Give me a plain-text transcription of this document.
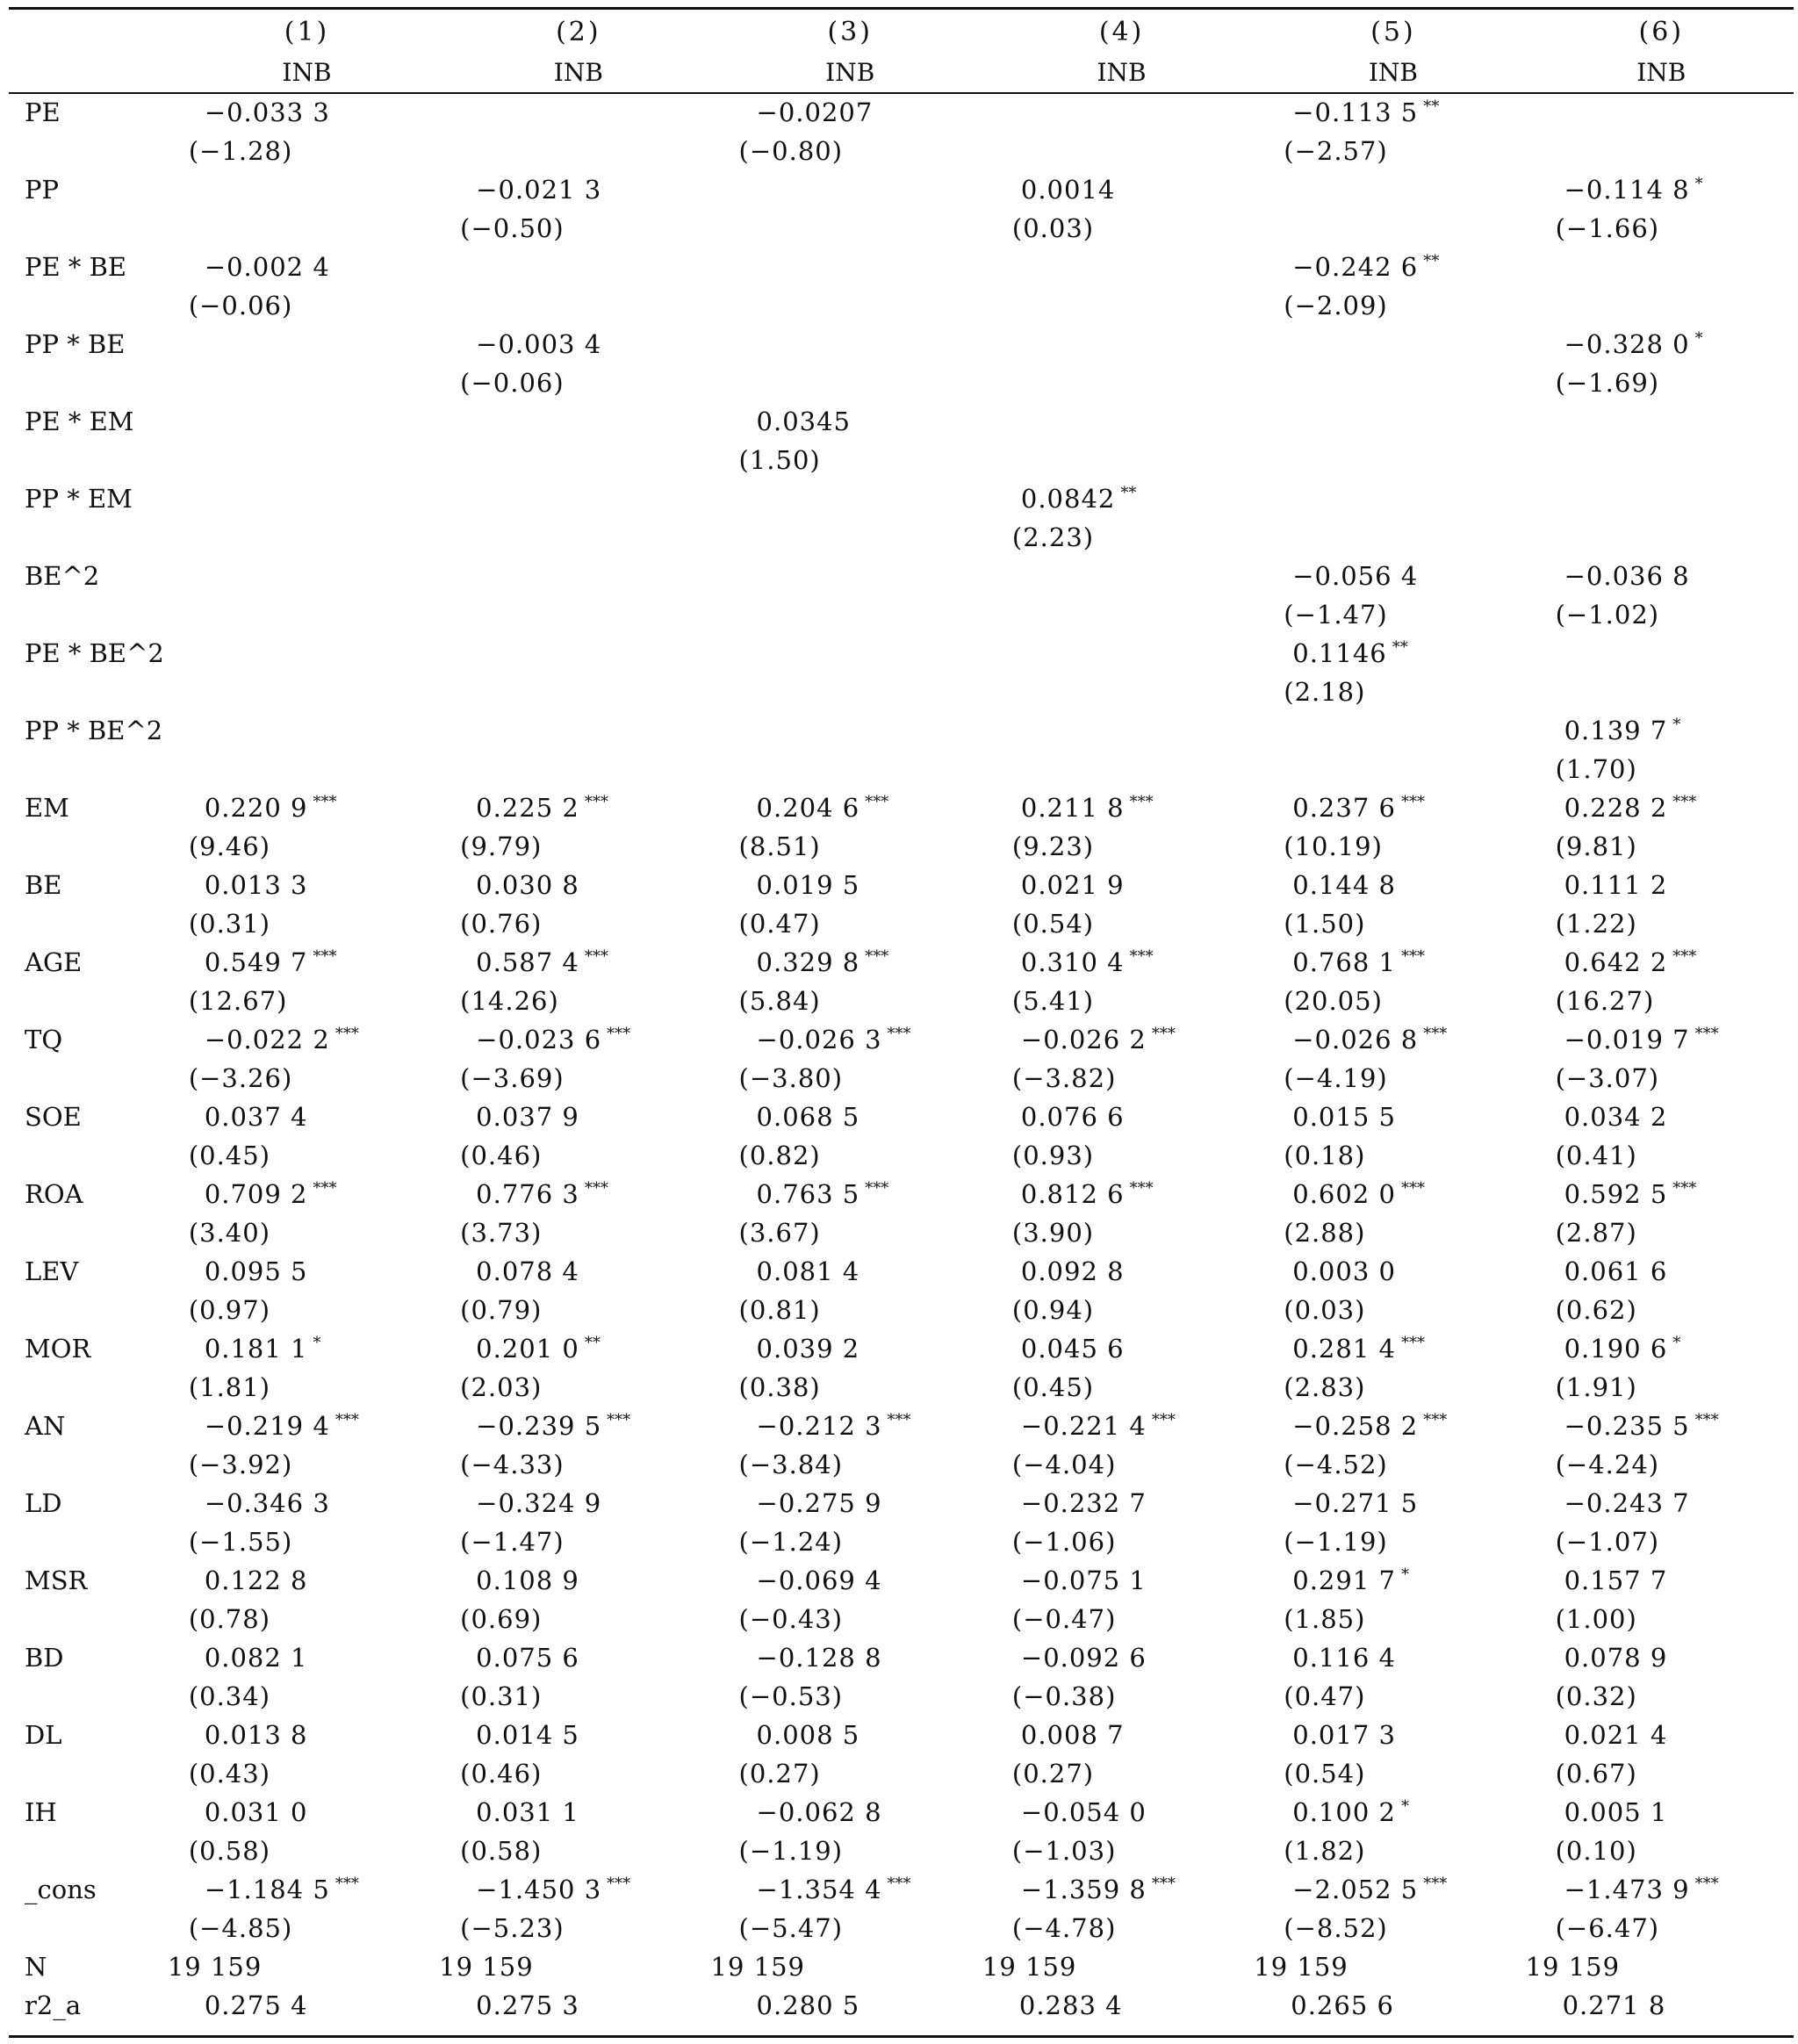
	(1)	(2)	(3)	(4)	(5)	(6)
	INB	INB	INB	INB	INB	INB

PE	−0.033 3		−0.0207		−0.113 5 **

	(−1.28)		(−0.80)		(−2.57)	

PP		−0.021 3		0.0014		−0.114 8 *

		(−0.50)		(0.03)		(−1.66)

PE * BE	−0.002 4				−0.242 6 **

	(−0.06)				(−2.09)	

PP * BE		−0.003 4				−0.328 0 *

		(−0.06)				(−1.69)

PE * EM			0.0345			

			(1.50)			

PP * EM				0.0842 **

				(2.23)		

BE^2					−0.056 4	−0.036 8

					(−1.47)	(−1.02)

PE * BE^2					0.1146 **

					(2.18)	

PP * BE^2						0.139 7 *

						(1.70)

EM	0.220 9 ***	0.225 2 ***	0.204 6 ***	0.211 8 ***	0.237 6 ***	0.228 2 ***

	(9.46)	(9.79)	(8.51)	(9.23)	(10.19)	(9.81)

BE	0.013 3	0.030 8	0.019 5	0.021 9	0.144 8	0.111 2

	(0.31)	(0.76)	(0.47)	(0.54)	(1.50)	(1.22)

AGE	0.549 7 ***	0.587 4 ***	0.329 8 ***	0.310 4 ***	0.768 1 ***	0.642 2 ***

	(12.67)	(14.26)	(5.84)	(5.41)	(20.05)	(16.27)

TQ	−0.022 2 ***	−0.023 6 ***	−0.026 3 ***	−0.026 2 ***	−0.026 8 ***	−0.019 7 ***

	(−3.26)	(−3.69)	(−3.80)	(−3.82)	(−4.19)	(−3.07)

SOE	0.037 4	0.037 9	0.068 5	0.076 6	0.015 5	0.034 2

	(0.45)	(0.46)	(0.82)	(0.93)	(0.18)	(0.41)

ROA	0.709 2 ***	0.776 3 ***	0.763 5 ***	0.812 6 ***	0.602 0 ***	0.592 5 ***

	(3.40)	(3.73)	(3.67)	(3.90)	(2.88)	(2.87)

LEV	0.095 5	0.078 4	0.081 4	0.092 8	0.003 0	0.061 6

	(0.97)	(0.79)	(0.81)	(0.94)	(0.03)	(0.62)

MOR	0.181 1 *	0.201 0 **	0.039 2	0.045 6	0.281 4 ***	0.190 6 *

	(1.81)	(2.03)	(0.38)	(0.45)	(2.83)	(1.91)

AN	−0.219 4 ***	−0.239 5 ***	−0.212 3 ***	−0.221 4 ***	−0.258 2 ***	−0.235 5 ***

	(−3.92)	(−4.33)	(−3.84)	(−4.04)	(−4.52)	(−4.24)

LD	−0.346 3	−0.324 9	−0.275 9	−0.232 7	−0.271 5	−0.243 7

	(−1.55)	(−1.47)	(−1.24)	(−1.06)	(−1.19)	(−1.07)

MSR	0.122 8	0.108 9	−0.069 4	−0.075 1	0.291 7 *	0.157 7

	(0.78)	(0.69)	(−0.43)	(−0.47)	(1.85)	(1.00)

BD	0.082 1	0.075 6	−0.128 8	−0.092 6	0.116 4	0.078 9

	(0.34)	(0.31)	(−0.53)	(−0.38)	(0.47)	(0.32)

DL	0.013 8	0.014 5	0.008 5	0.008 7	0.017 3	0.021 4

	(0.43)	(0.46)	(0.27)	(0.27)	(0.54)	(0.67)

IH	0.031 0	0.031 1	−0.062 8	−0.054 0	0.100 2 *	0.005 1

	(0.58)	(0.58)	(−1.19)	(−1.03)	(1.82)	(0.10)

_cons	−1.184 5 ***	−1.450 3 ***	−1.354 4 ***	−1.359 8 ***	−2.052 5 ***	−1.473 9 ***

	(−4.85)	(−5.23)	(−5.47)	(−4.78)	(−8.52)	(−6.47)

N	19 159	19 159	19 159	19 159	19 159	19 159

r2_a	0.275 4	0.275 3	0.280 5	0.283 4	0.265 6	0.271 8
